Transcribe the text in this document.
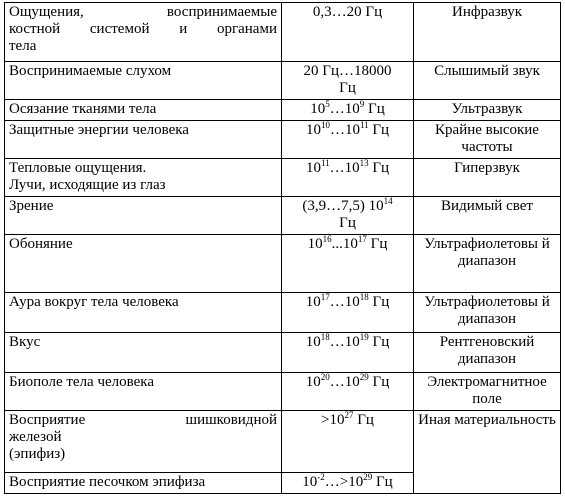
Ощущения, воспринимаемые
костной системой и органами
тела	0,3…20 Гц	Инфразвук

Воспринимаемые слухом	20 Гц…18000
Гц	Слышимый звук

Осязание тканями тела	$10^5\dots 10^9$ Гц	Ультразвук

Защитные энергии человека	$10^{10}\dots 10^{11}$ Гц	Крайне высокие частоты

Тепловые ощущения.
Лучи, исходящие из глаз	$10^{11}\dots 10^{13}$ Гц	Гиперзвук

Зрение	(3,9…7,5) $10^{14}$
Гц	Видимый свет

Обоняние	$10^{16}...10^{17}$ Гц	Ультрафиолетовы й диапазон

Аура вокруг тела человека	$10^{17}\dots 10^{18}$ Гц	Ультрафиолетовы й диапазон

Вкус	$10^{18}\dots 10^{19}$ Гц	Рентгеновский диапазон

Биополе тела человека	$10^{20}\dots 10^{29}$ Гц	Электромагнитное поле

Восприятие шишковидной
железой
(эпифиз)	$>10^{27}$ Гц	Иная материальность

Восприятие песочком эпифиза	$10^{-2}\dots>10^{29}$ Гц	
